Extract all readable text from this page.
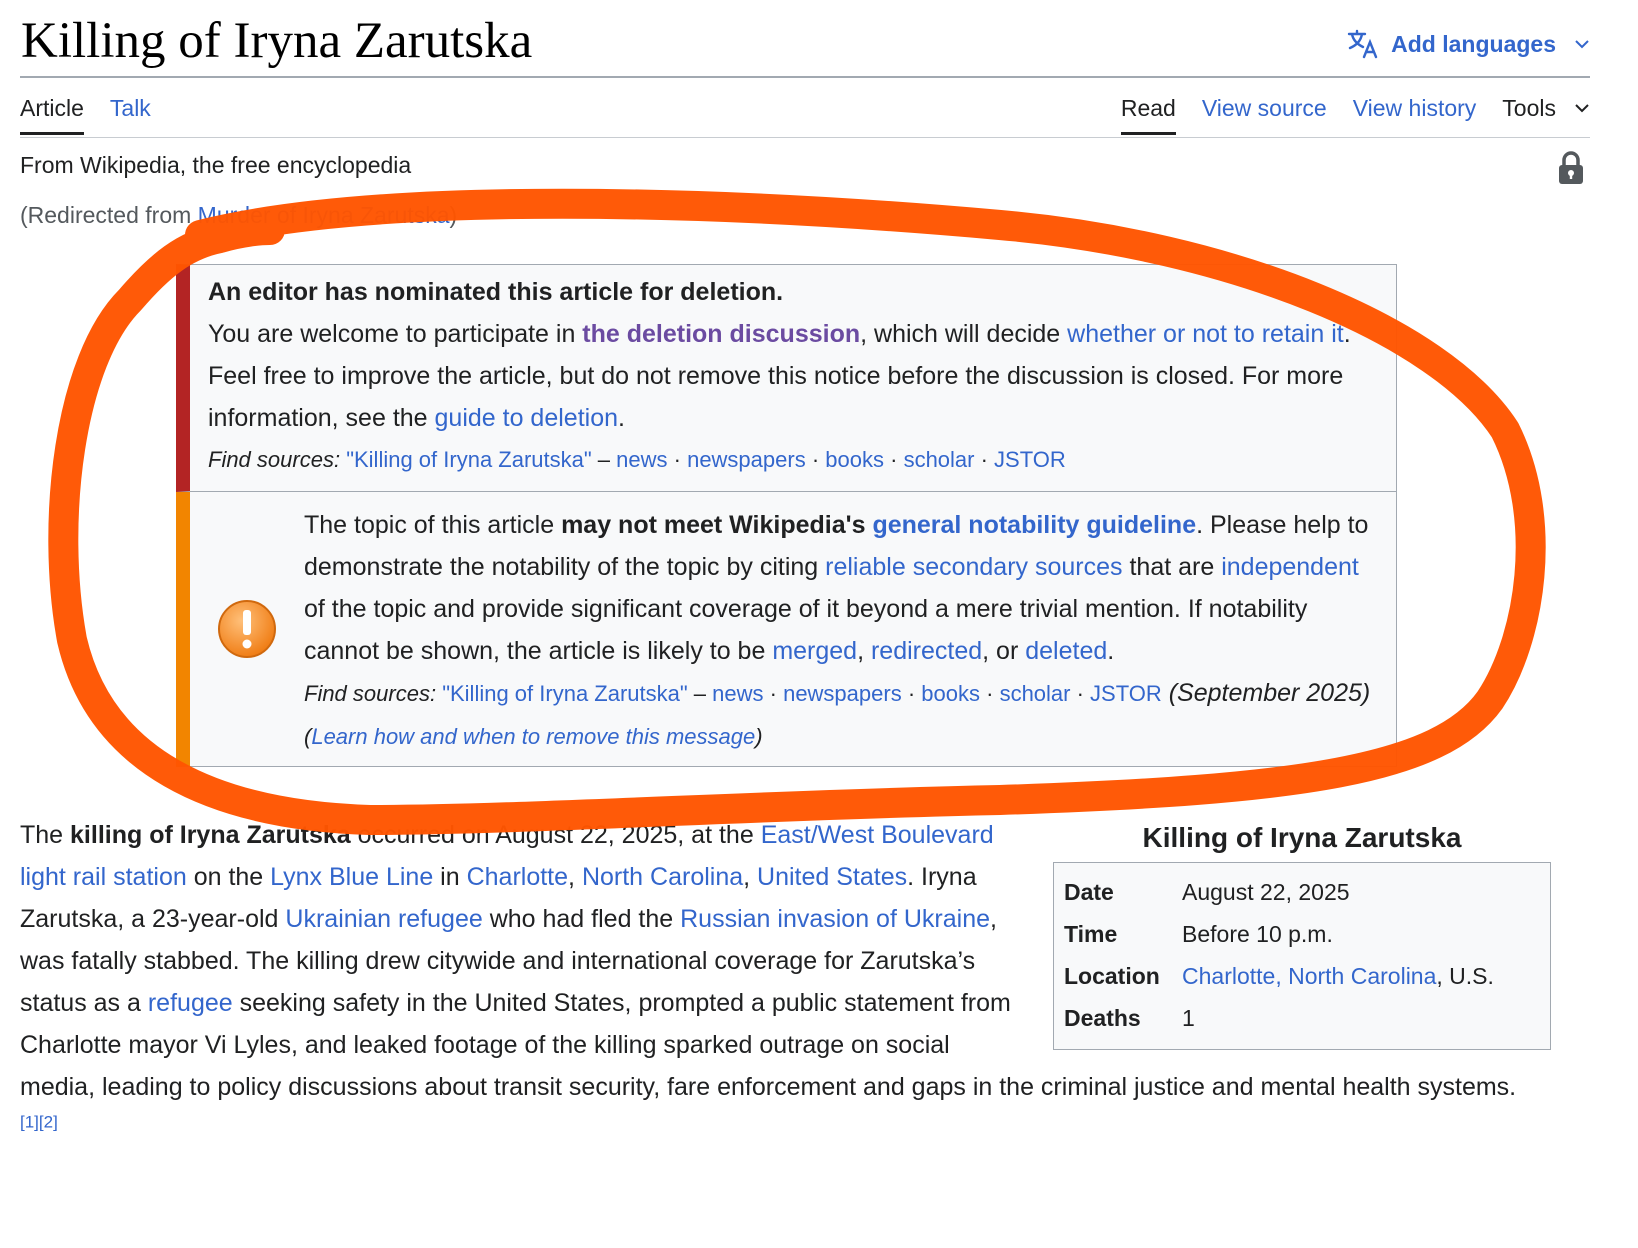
Killing of Iryna Zarutska	Add languages
Article Talk	Read View source View history Tools
From Wikipedia, the free encyclopedia
(Redirected from Murder of Iryna Zarutska)
An editor has nominated this article for deletion.
You are welcome to participate in the deletion discussion, which will decide whether or not to retain it.
Feel free to improve the article, but do not remove this notice before the discussion is closed. For more information, see the guide to deletion.
Find sources: "Killing of Iryna Zarutska" – news · newspapers · books · scholar · JSTOR
The topic of this article may not meet Wikipedia's general notability guideline. Please help to demonstrate the notability of the topic by citing reliable secondary sources that are independent of the topic and provide significant coverage of it beyond a mere trivial mention. If notability cannot be shown, the article is likely to be merged, redirected, or deleted.
Find sources: "Killing of Iryna Zarutska" – news · newspapers · books · scholar · JSTOR (September 2025) (Learn how and when to remove this message)
Killing of Iryna Zarutska
Date	August 22, 2025
Time	Before 10 p.m.
Location Charlotte, North Carolina, U.S.
Deaths	1
The killing of Iryna Zarutska occurred on August 22, 2025, at the East/West Boulevard light rail station on the Lynx Blue Line in Charlotte, North Carolina, United States. Iryna Zarutska, a 23-year-old Ukrainian refugee who had fled the Russian invasion of Ukraine, was fatally stabbed. The killing drew citywide and international coverage for Zarutska’s status as a refugee seeking safety in the United States, prompted a public statement from Charlotte mayor Vi Lyles, and leaked footage of the killing sparked outrage on social media, leading to policy discussions about transit security, fare enforcement and gaps in the criminal justice and mental health systems.[1][2]
